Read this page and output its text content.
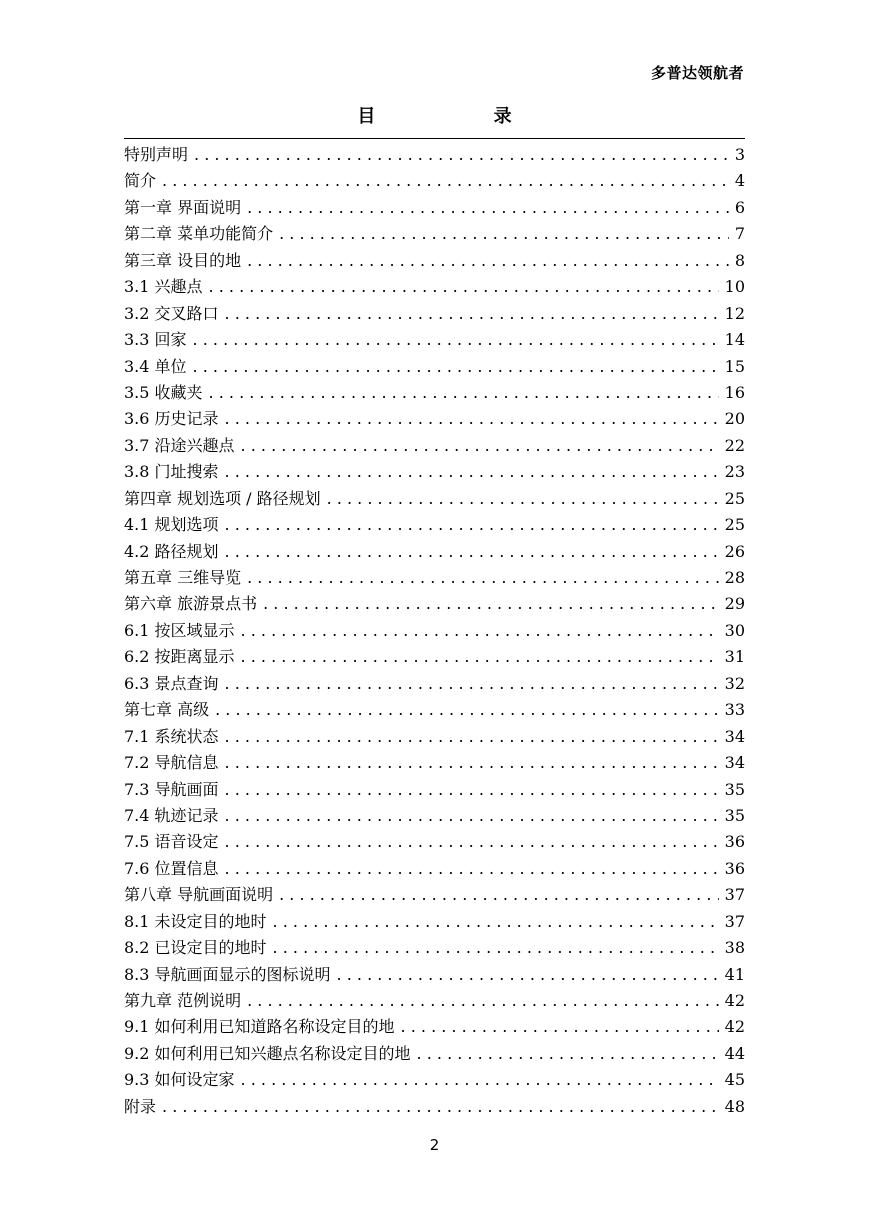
多普达领航者
目 录
特别声明 . . .	3
简介 . . .	4
第一章 界面说明 . . .	6
第二章 菜单功能简介 . . .	7
第三章 设目的地 . . .	8
3.1 兴趣点 . . .	10
3.2 交叉路口 . . .	12
3.3 回家 . . .	14
3.4 单位 . . .	15
3.5 收藏夹 . . .	16
3.6 历史记录 . . .	20
3.7 沿途兴趣点 . . .	22
3.8 门址搜索 . . .	23
第四章 规划选项 / 路径规划 . . .	25
4.1 规划选项 . . .	25
4.2 路径规划 . . .	26
第五章 三维导览 . . .	28
第六章 旅游景点书 . . .	29
6.1 按区域显示 . . .	30
6.2 按距离显示 . . .	31
6.3 景点查询 . . .	32
第七章 高级 . . .	33
7.1 系统状态 . . .	34
7.2 导航信息 . . .	34
7.3 导航画面 . . .	35
7.4 轨迹记录 . . .	35
7.5 语音设定 . . .	36
7.6 位置信息 . . .	36
第八章 导航画面说明 . . .	37
8.1 未设定目的地时 . . .	37
8.2 已设定目的地时 . . .	38
8.3 导航画面显示的图标说明 . . .	41
第九章 范例说明 . . .	42
9.1 如何利用已知道路名称设定目的地 . . .	42
9.2 如何利用已知兴趣点名称设定目的地 . . .	44
9.3 如何设定家 . . .	45
附录 . . .	48
2
